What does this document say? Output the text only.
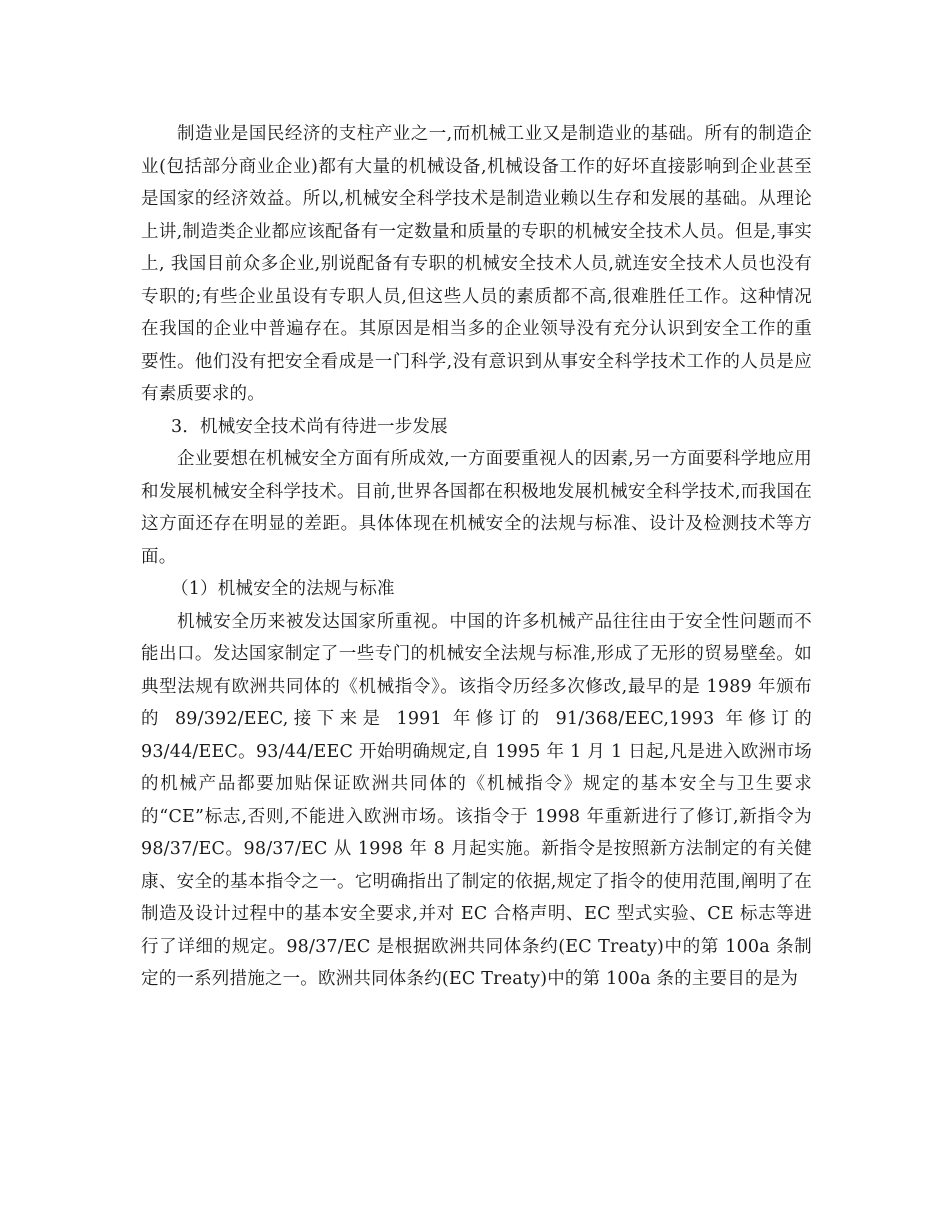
制造业是国民经济的支柱产业之一,而机械工业又是制造业的基础。所有的制造企业(包括部分商业企业)都有大量的机械设备,机械设备工作的好坏直接影响到企业甚至是国家的经济效益。所以,机械安全科学技术是制造业赖以生存和发展的基础。从理论上讲,制造类企业都应该配备有一定数量和质量的专职的机械安全技术人员。但是,事实上, 我国目前众多企业,别说配备有专职的机械安全技术人员,就连安全技术人员也没有专职的;有些企业虽设有专职人员,但这些人员的素质都不高,很难胜任工作。这种情况在我国的企业中普遍存在。其原因是相当多的企业领导没有充分认识到安全工作的重要性。他们没有把安全看成是一门科学,没有意识到从事安全科学技术工作的人员是应有素质要求的。

3．机械安全技术尚有待进一步发展

企业要想在机械安全方面有所成效,一方面要重视人的因素,另一方面要科学地应用和发展机械安全科学技术。目前,世界各国都在积极地发展机械安全科学技术,而我国在这方面还存在明显的差距。具体体现在机械安全的法规与标准、设计及检测技术等方面。

（1）机械安全的法规与标准

机械安全历来被发达国家所重视。中国的许多机械产品往往由于安全性问题而不能出口。发达国家制定了一些专门的机械安全法规与标准,形成了无形的贸易壁垒。如典型法规有欧洲共同体的《机械指令》。该指令历经多次修改,最早的是 1989 年颁布的 89/392/EEC,接下来是 1991 年修订的 91/368/EEC,1993 年修订的93/44/EEC。93/44/EEC 开始明确规定,自 1995 年 1 月 1 日起,凡是进入欧洲市场的机械产品都要加贴保证欧洲共同体的《机械指令》规定的基本安全与卫生要求的“CE”标志,否则,不能进入欧洲市场。该指令于 1998 年重新进行了修订,新指令为98/37/EC。98/37/EC 从 1998 年 8 月起实施。新指令是按照新方法制定的有关健康、安全的基本指令之一。它明确指出了制定的依据,规定了指令的使用范围,阐明了在制造及设计过程中的基本安全要求,并对 EC 合格声明、EC 型式实验、CE 标志等进行了详细的规定。98/37/EC 是根据欧洲共同体条约(EC Treaty)中的第 100a 条制定的一系列措施之一。欧洲共同体条约(EC Treaty)中的第 100a 条的主要目的是为
